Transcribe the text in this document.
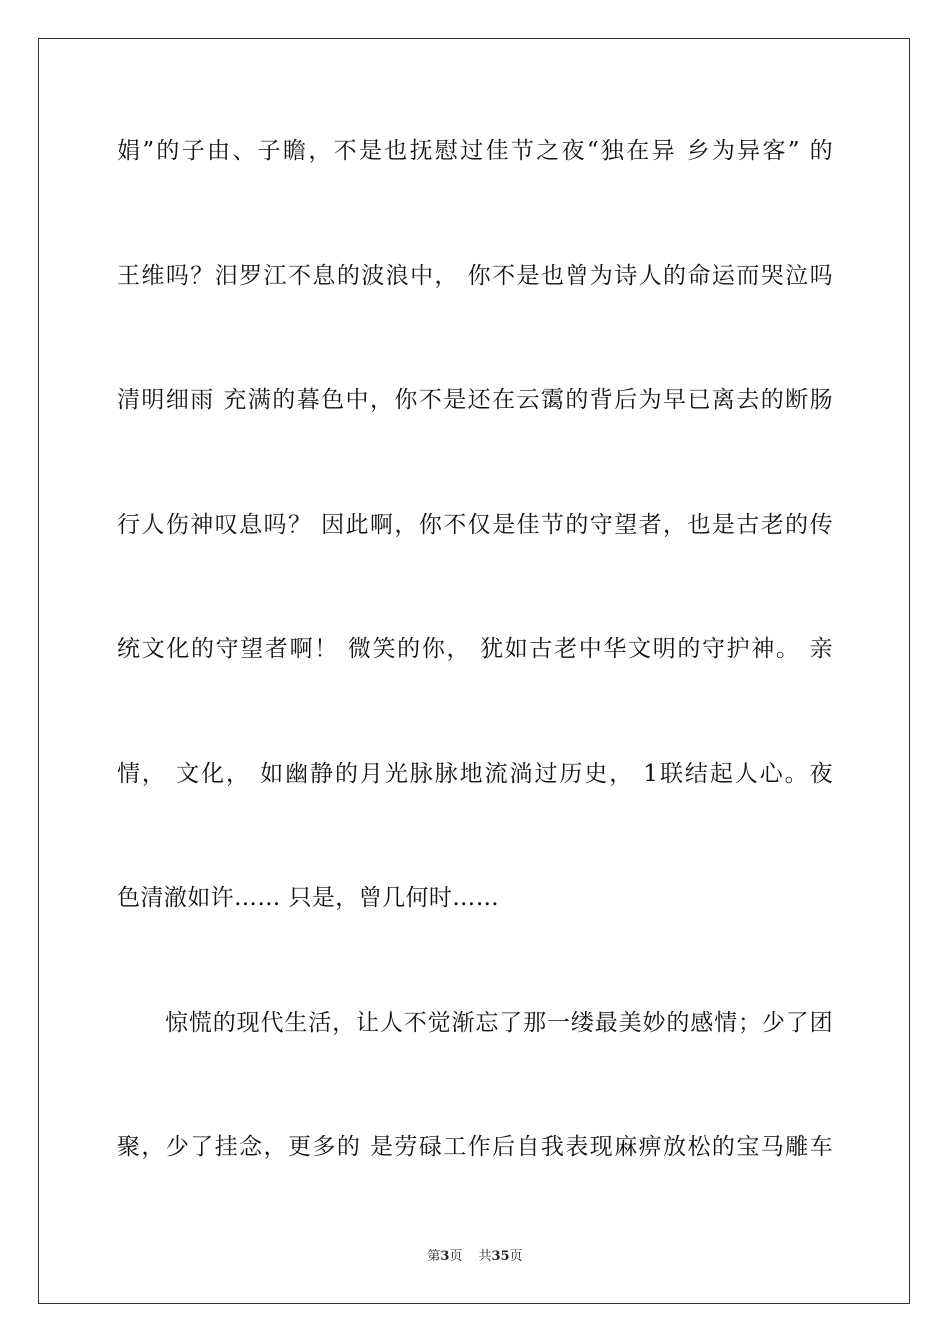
娟”的子由、子瞻，不是也抚慰过佳节之夜“独在异 乡为异客” 的
王维吗？汨罗江不息的波浪中， 你不是也曾为诗人的命运而哭泣吗
清明细雨 充满的暮色中，你不是还在云霭的背后为早已离去的断肠
行人伤神叹息吗？ 因此啊，你不仅是佳节的守望者，也是古老的传
统文化的守望者啊！ 微笑的你， 犹如古老中华文明的守护神。 亲
情， 文化， 如幽静的月光脉脉地流淌过历史， 1联结起人心。夜
色清澈如许…… 只是，曾几何时……
惊慌的现代生活，让人不觉渐忘了那一缕最美妙的感情；少了团
聚，少了挂念，更多的 是劳碌工作后自我表现麻痹放松的宝马雕车
第3页 共35页
